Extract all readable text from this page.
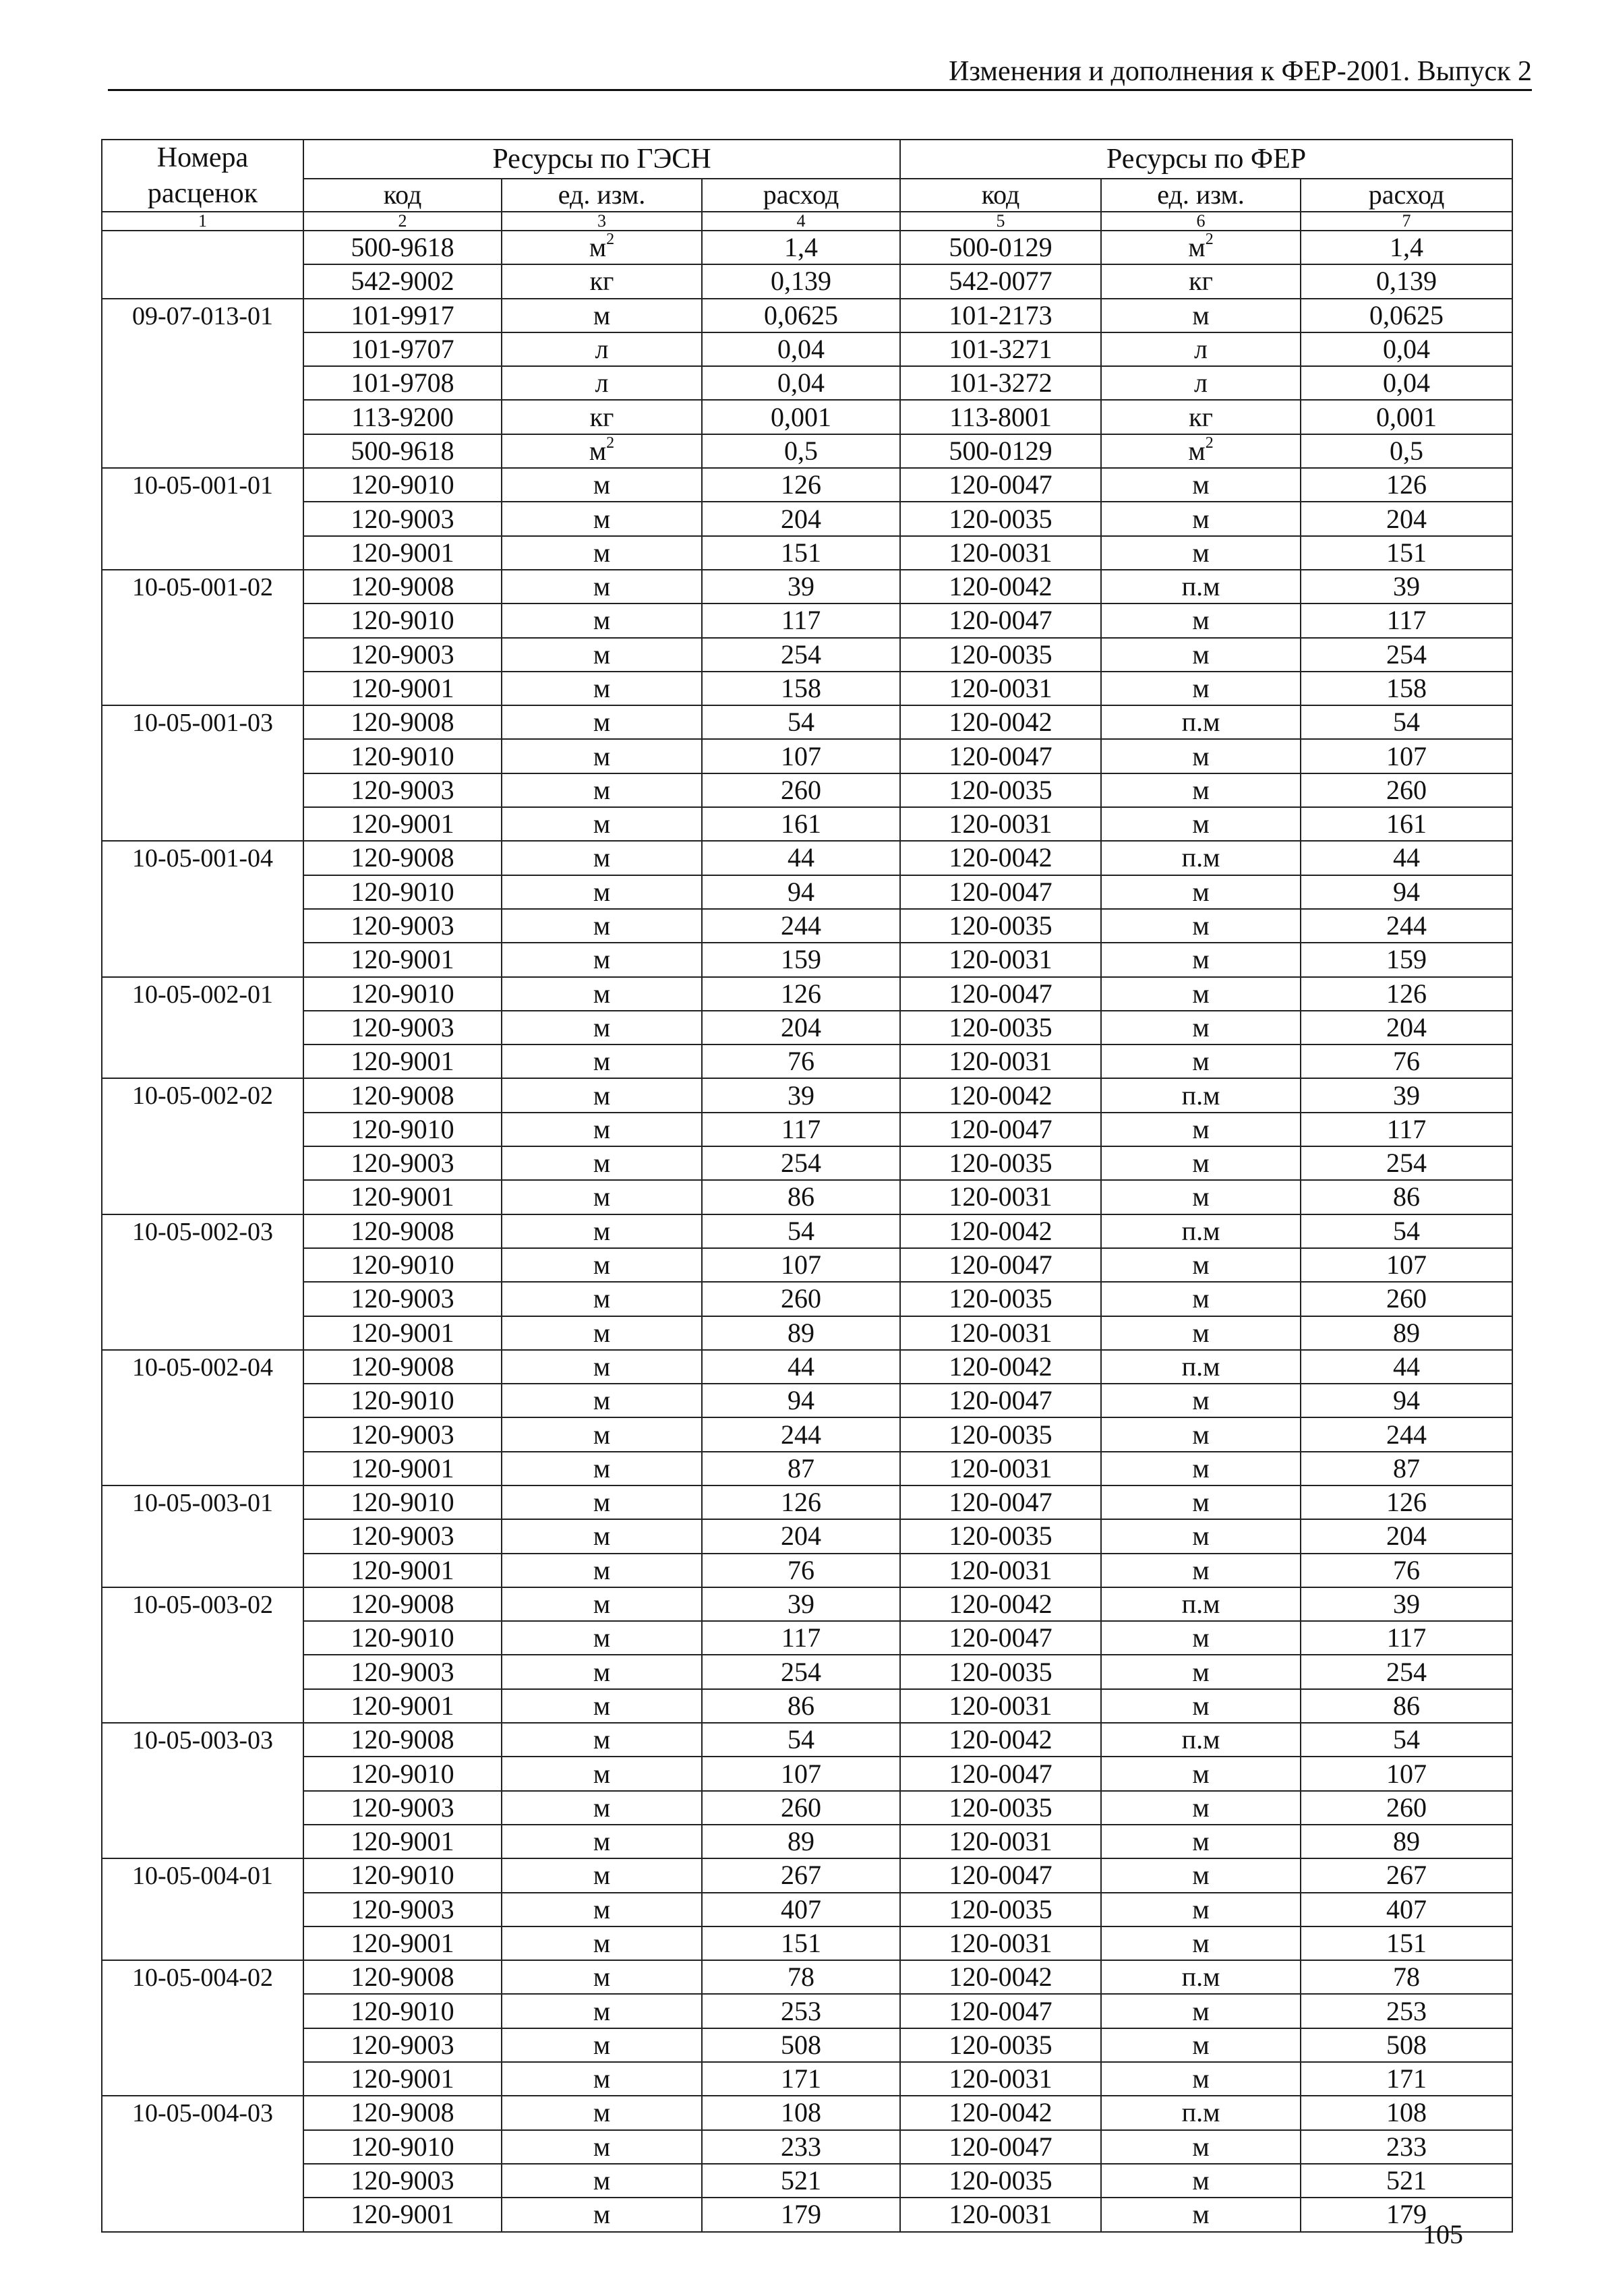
Изменения и дополнения к ФЕР-2001. Выпуск 2
Номера расценок	Ресурсы по ГЭСН			Ресурсы по ФЕР		
	код	ед. изм.	расход	код	ед. изм.	расход
1	2	3	4	5	6	7
	500-9618	$м^2$	1,4	500-0129	$м^2$	1,4
	542-9002	кг	0,139	542-0077	кг	0,139
09-07-013-01	101-9917	м	0,0625	101-2173	м	0,0625
	101-9707	л	0,04	101-3271	л	0,04
	101-9708	л	0,04	101-3272	л	0,04
	113-9200	кг	0,001	113-8001	кг	0,001
	500-9618	$м^2$	0,5	500-0129	$м^2$	0,5
10-05-001-01	120-9010	м	126	120-0047	м	126
	120-9003	м	204	120-0035	м	204
	120-9001	м	151	120-0031	м	151
10-05-001-02	120-9008	м	39	120-0042	п.м	39
	120-9010	м	117	120-0047	м	117
	120-9003	м	254	120-0035	м	254
	120-9001	м	158	120-0031	м	158
10-05-001-03	120-9008	м	54	120-0042	п.м	54
	120-9010	м	107	120-0047	м	107
	120-9003	м	260	120-0035	м	260
	120-9001	м	161	120-0031	м	161
10-05-001-04	120-9008	м	44	120-0042	п.м	44
	120-9010	м	94	120-0047	м	94
	120-9003	м	244	120-0035	м	244
	120-9001	м	159	120-0031	м	159
10-05-002-01	120-9010	м	126	120-0047	м	126
	120-9003	м	204	120-0035	м	204
	120-9001	м	76	120-0031	м	76
10-05-002-02	120-9008	м	39	120-0042	п.м	39
	120-9010	м	117	120-0047	м	117
	120-9003	м	254	120-0035	м	254
	120-9001	м	86	120-0031	м	86
10-05-002-03	120-9008	м	54	120-0042	п.м	54
	120-9010	м	107	120-0047	м	107
	120-9003	м	260	120-0035	м	260
	120-9001	м	89	120-0031	м	89
10-05-002-04	120-9008	м	44	120-0042	п.м	44
	120-9010	м	94	120-0047	м	94
	120-9003	м	244	120-0035	м	244
	120-9001	м	87	120-0031	м	87
10-05-003-01	120-9010	м	126	120-0047	м	126
	120-9003	м	204	120-0035	м	204
	120-9001	м	76	120-0031	м	76
10-05-003-02	120-9008	м	39	120-0042	п.м	39
	120-9010	м	117	120-0047	м	117
	120-9003	м	254	120-0035	м	254
	120-9001	м	86	120-0031	м	86
10-05-003-03	120-9008	м	54	120-0042	п.м	54
	120-9010	м	107	120-0047	м	107
	120-9003	м	260	120-0035	м	260
	120-9001	м	89	120-0031	м	89
10-05-004-01	120-9010	м	267	120-0047	м	267
	120-9003	м	407	120-0035	м	407
	120-9001	м	151	120-0031	м	151
10-05-004-02	120-9008	м	78	120-0042	п.м	78
	120-9010	м	253	120-0047	м	253
	120-9003	м	508	120-0035	м	508
	120-9001	м	171	120-0031	м	171
10-05-004-03	120-9008	м	108	120-0042	п.м	108
	120-9010	м	233	120-0047	м	233
	120-9003	м	521	120-0035	м	521
	120-9001	м	179	120-0031	м	179
105
